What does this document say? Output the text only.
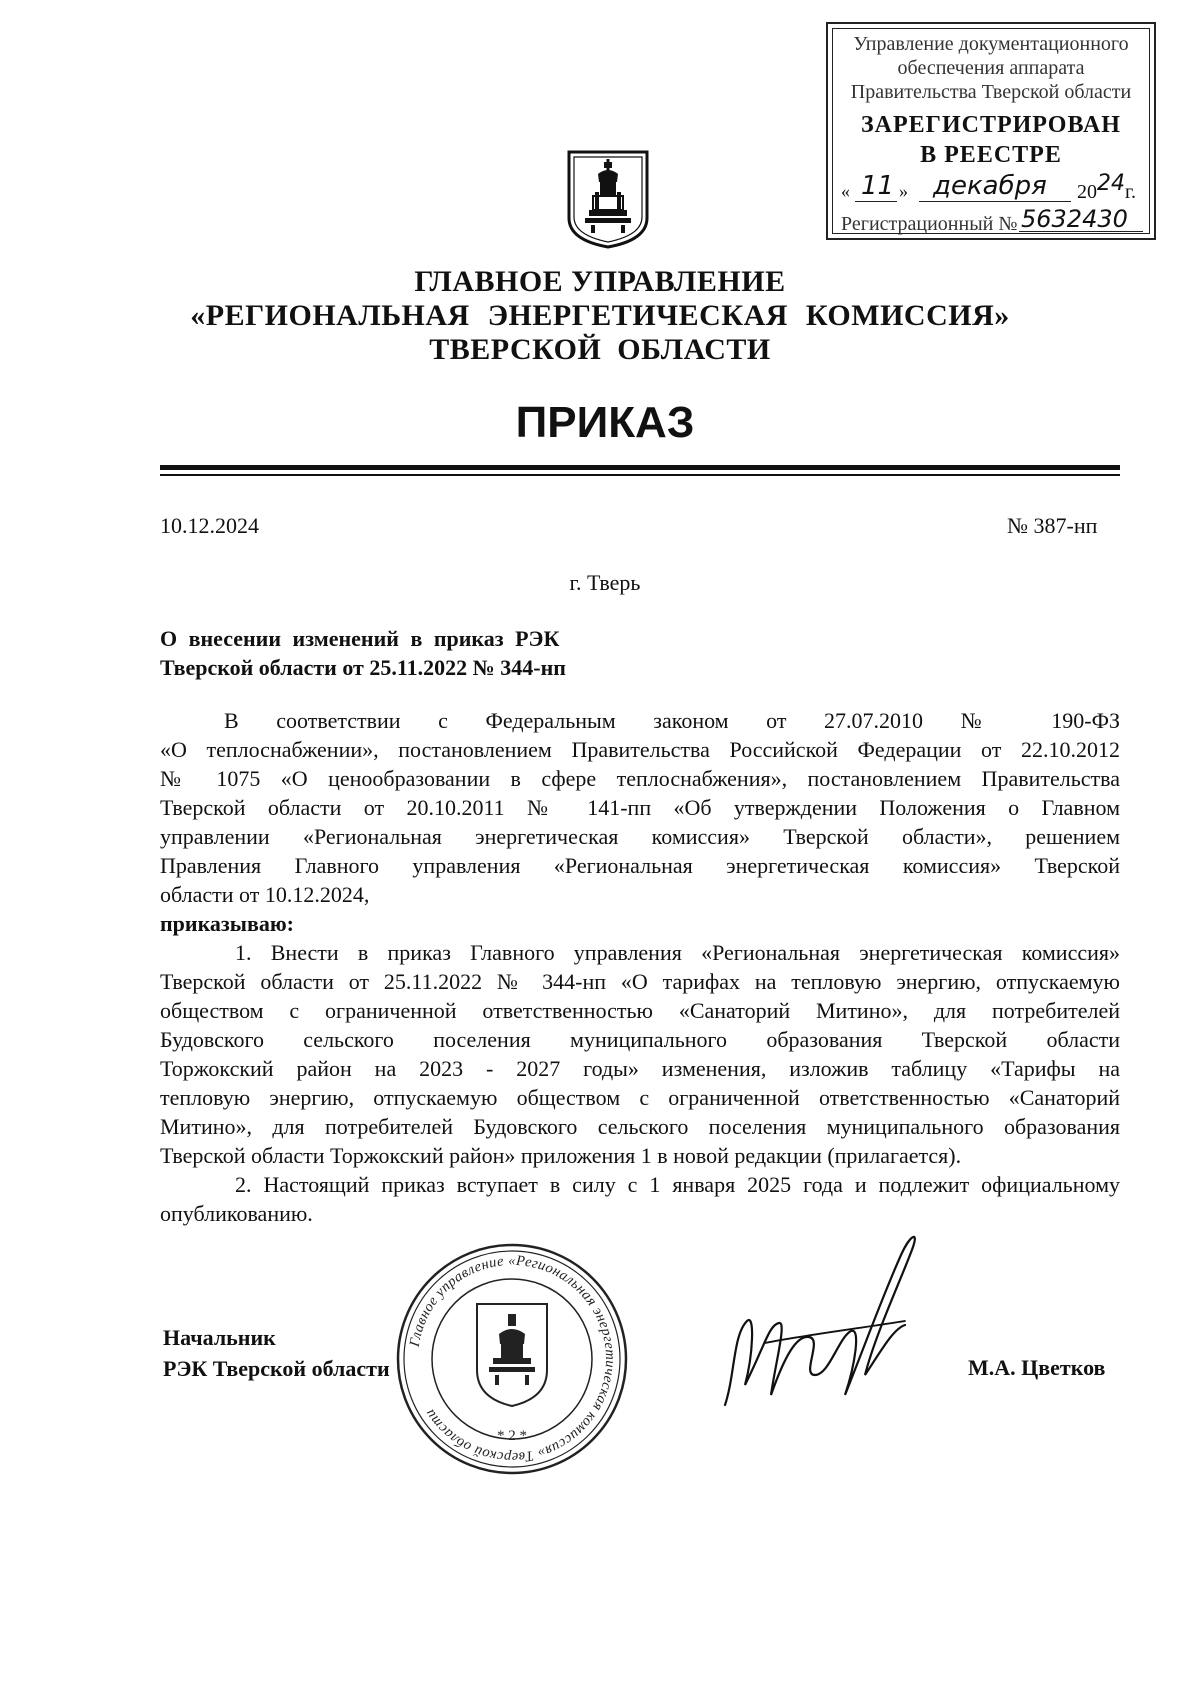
Управление документационного
обеспечения аппарата
Правительства Тверской области
ЗАРЕГИСТРИРОВАН
В РЕЕСТРЕ
« 11 » декабря 20 24 г.
Регистрационный № 5632430
ГЛАВНОЕ УПРАВЛЕНИЕ
«РЕГИОНАЛЬНАЯ ЭНЕРГЕТИЧЕСКАЯ КОМИССИЯ»
ТВЕРСКОЙ ОБЛАСТИ
ПРИКАЗ
10.12.2024	№ 387-нп
г. Тверь
О внесении изменений в приказ РЭК
Тверской области от 25.11.2022 № 344-нп
В соответствии с Федеральным законом от 27.07.2010 № 190-ФЗ
«О теплоснабжении», постановлением Правительства Российской Федерации от 22.10.2012
№ 1075 «О ценообразовании в сфере теплоснабжения», постановлением Правительства
Тверской области от 20.10.2011 № 141-пп «Об утверждении Положения о Главном
управлении «Региональная энергетическая комиссия» Тверской области», решением
Правления Главного управления «Региональная энергетическая комиссия» Тверской
области от 10.12.2024,
приказываю:
1. Внести в приказ Главного управления «Региональная энергетическая комиссия»
Тверской области от 25.11.2022 № 344-нп «О тарифах на тепловую энергию, отпускаемую
обществом с ограниченной ответственностью «Санаторий Митино», для потребителей
Будовского сельского поселения муниципального образования Тверской области
Торжокский район на 2023 - 2027 годы» изменения, изложив таблицу «Тарифы на
тепловую энергию, отпускаемую обществом с ограниченной ответственностью «Санаторий
Митино», для потребителей Будовского сельского поселения муниципального образования
Тверской области Торжокский район» приложения 1 в новой редакции (прилагается).
2. Настоящий приказ вступает в силу с 1 января 2025 года и подлежит официальному
опубликованию.
Начальник
РЭК Тверской области	М.А. Цветков
Главное управление «Региональная энергетическая комиссия» Тверской области
* 2 *
